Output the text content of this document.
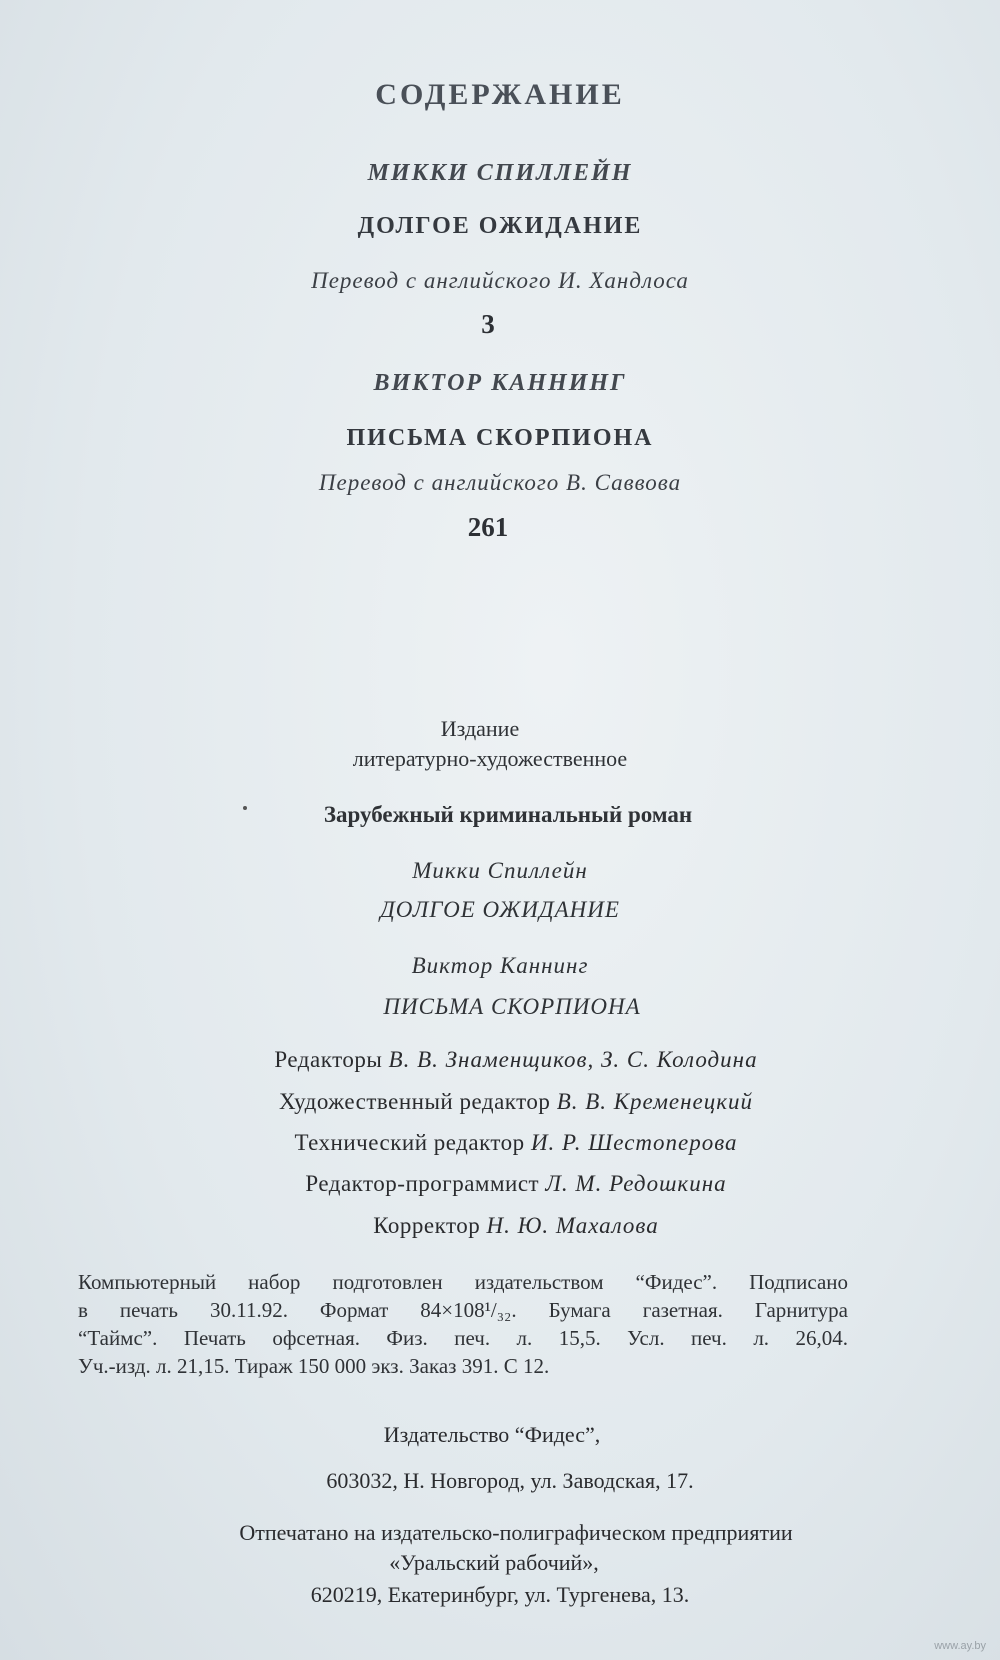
СОДЕРЖАНИЕ
МИККИ СПИЛЛЕЙН
ДОЛГОЕ ОЖИДАНИЕ
Перевод с английского И. Хандлоса
3
ВИКТОР КАННИНГ
ПИСЬМА СКОРПИОНА
Перевод с английского В. Саввова
261
Издание
литературно-художественное
Зарубежный криминальный роман
Микки Спиллейн
ДОЛГОЕ ОЖИДАНИЕ
Виктор Каннинг
ПИСЬМА СКОРПИОНА
Редакторы В. В. Знаменщиков, З. С. Колодина
Художественный редактор В. В. Кременецкий
Технический редактор И. Р. Шестоперова
Редактор-программист Л. М. Редошкина
Корректор Н. Ю. Махалова
Компьютерный набор подготовлен издательством “Фидес”. Подписано
в печать 30.11.92. Формат 84×108¹/₃₂. Бумага газетная. Гарнитура
“Таймс”. Печать офсетная. Физ. печ. л. 15,5. Усл. печ. л. 26,04.
Уч.-изд. л. 21,15. Тираж 150 000 экз. Заказ 391. С 12.
Издательство “Фидес”,
603032, Н. Новгород, ул. Заводская, 17.
Отпечатано на издательско-полиграфическом предприятии
«Уральский рабочий»,
620219, Екатеринбург, ул. Тургенева, 13.
www.ay.by
